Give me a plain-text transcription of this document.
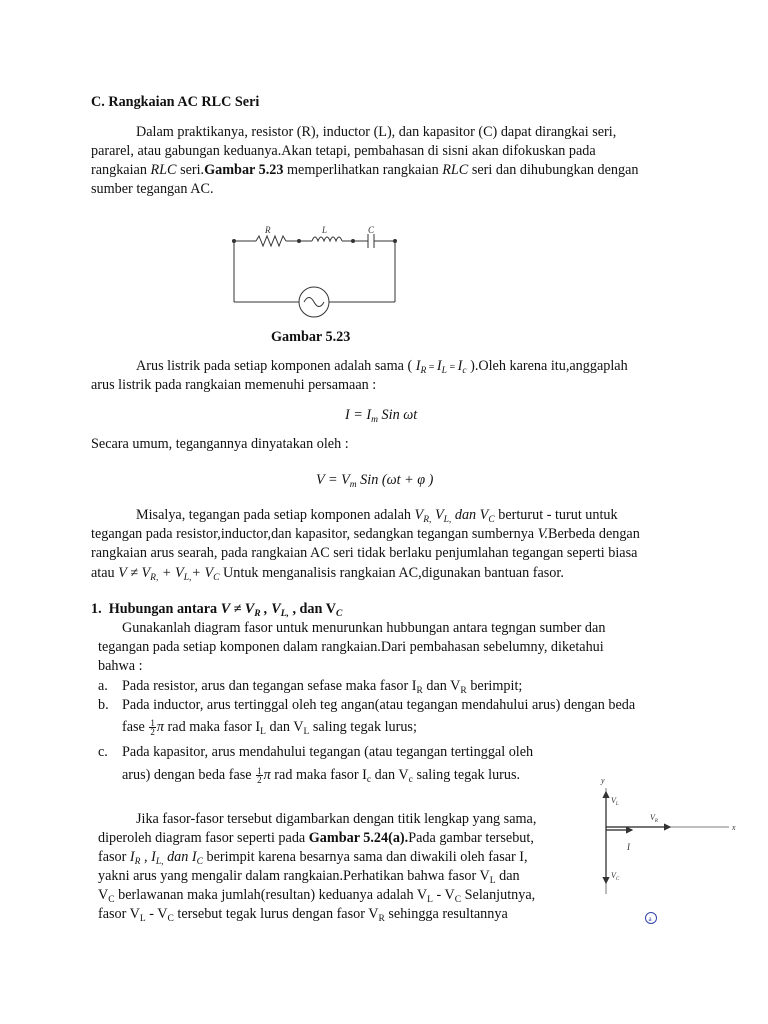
C. Rangkaian AC RLC Seri
Dalam praktikanya, resistor (R), inductor (L), dan kapasitor (C) dapat dirangkai seri,
pararel, atau gabungan keduanya.Akan tetapi, pembahasan di sisni akan difokuskan pada
rangkaian RLC seri.Gambar 5.23 memperlihatkan rangkaian RLC seri dan dihubungkan dengan
sumber tegangan AC.
R	L	C
Gambar 5.23
Arus listrik pada setiap komponen adalah sama ( $I_R = I_L = I_c$ ).Oleh karena itu,anggaplah
arus listrik pada rangkaian memenuhi persamaan :
$I = I_m$ Sin ωt
Secara umum, tegangannya dinyatakan oleh :
$V = V_m$ Sin (ωt + φ )
Misalya, tegangan pada setiap komponen adalah $V_{R,}$ $V_{L,}$ dan $V_C$ berturut - turut untuk
tegangan pada resistor,inductor,dan kapasitor, sedangkan tegangan sumbernya V.Berbeda dengan
rangkaian arus searah, pada rangkaian AC seri tidak berlaku penjumlahan tegangan seperti biasa
atau $V \ne V_{R,} + V_{L,}+ V_C$ Untuk menganalisis rangkaian AC,digunakan bantuan fasor.
1. Hubungan antara $V \ne V_R$ , $V_{L,}$ , dan $V_C$
Gunakanlah diagram fasor untuk menurunkan hubbungan antara tegngan sumber dan
tegangan pada setiap komponen dalam rangkaian.Dari pembahasan sebelumny, diketahui
bahwa :
a. Pada resistor, arus dan tegangan sefase maka fasor $I_R$ dan $V_R$ berimpit;
b. Pada inductor, arus tertinggal oleh teg angan(atau tegangan mendahului arus) dengan beda
fase $\frac{1}{2}$ π rad maka fasor $I_L$ dan $V_L$ saling tegak lurus;
c. Pada kapasitor, arus mendahului tegangan (atau tegangan tertinggal oleh
arus) dengan beda fase $\frac{1}{2}$ π rad maka fasor $I_c$ dan $V_c$ saling tegak lurus.
Jika fasor-fasor tersebut digambarkan dengan titik lengkap yang sama,
diperoleh diagram fasor seperti pada Gambar 5.24(a).Pada gambar tersebut,
fasor $I_R$ , $I_{L,}$ dan $I_C$ berimpit karena besarnya sama dan diwakili oleh fasar I,
yakni arus yang mengalir dalam rangkaian.Perhatikan bahwa fasor $V_L$ dan
$V_C$ berlawanan maka jumlah(resultan) keduanya adalah $V_L - V_C$ Selanjutnya,
fasor $V_L - V_C$ tersebut tegak lurus dengan fasor $V_R$ sehingga resultannya
y
x
$V_L$
$V_R$
I
$V_C$
a
